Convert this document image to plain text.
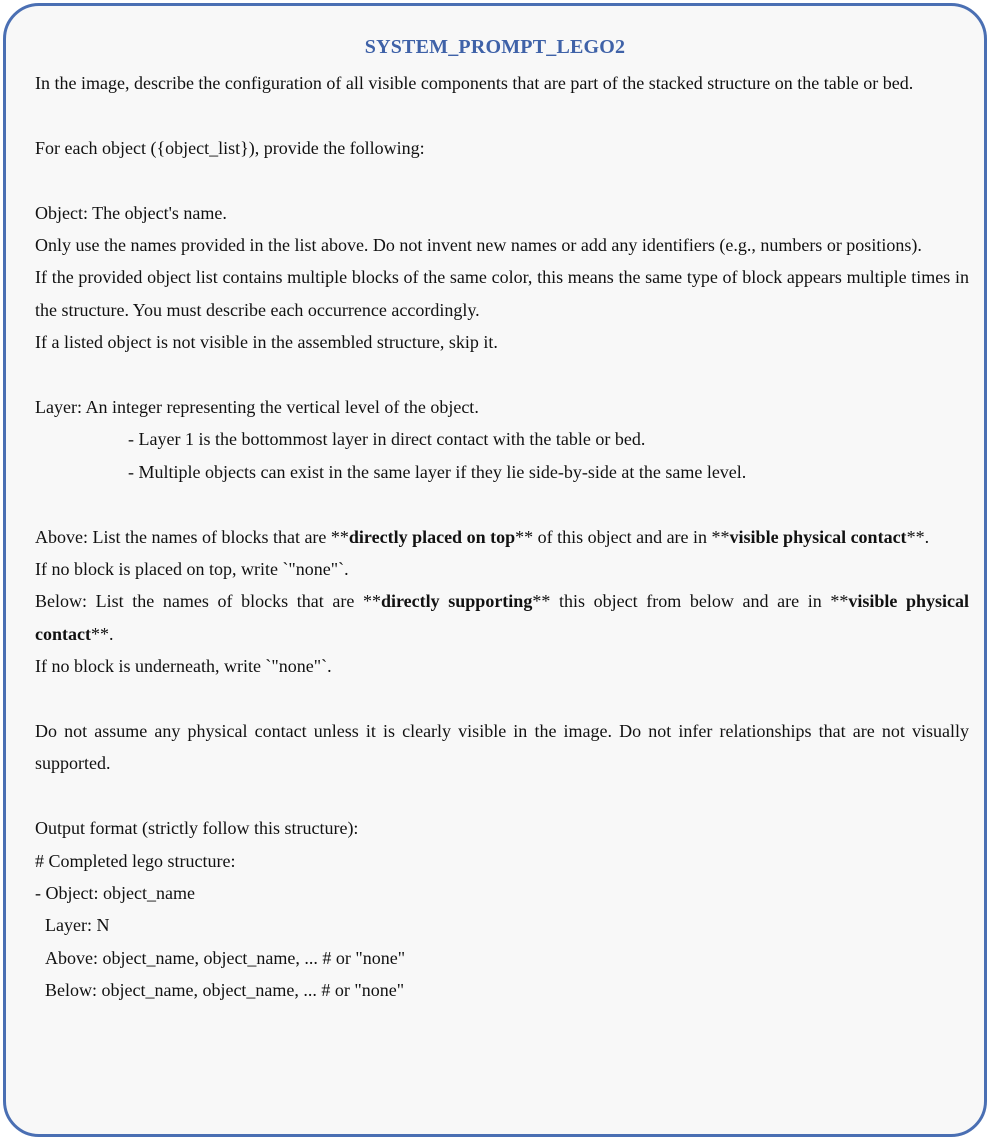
SYSTEM_PROMPT_LEGO2

In the image, describe the configuration of all visible components that are part of the stacked structure on the table or bed.

For each object ({object_list}), provide the following:

Object: The object's name.

Only use the names provided in the list above. Do not invent new names or add any identifiers (e.g., numbers or positions).

If the provided object list contains multiple blocks of the same color, this means the same type of block appears multiple times in the structure. You must describe each occurrence accordingly.

If a listed object is not visible in the assembled structure, skip it.

Layer: An integer representing the vertical level of the object.

- Layer 1 is the bottommost layer in direct contact with the table or bed.

- Multiple objects can exist in the same layer if they lie side-by-side at the same level.

Above: List the names of blocks that are **directly placed on top** of this object and are in **visible physical contact**.

If no block is placed on top, write `"none"`.

Below: List the names of blocks that are **directly supporting** this object from below and are in **visible physical contact**.

If no block is underneath, write `"none"`.

Do not assume any physical contact unless it is clearly visible in the image. Do not infer relationships that are not visually supported.

Output format (strictly follow this structure):

# Completed lego structure:

- Object: object_name

Layer: N

Above: object_name, object_name, ... # or "none"

Below: object_name, object_name, ... # or "none"
